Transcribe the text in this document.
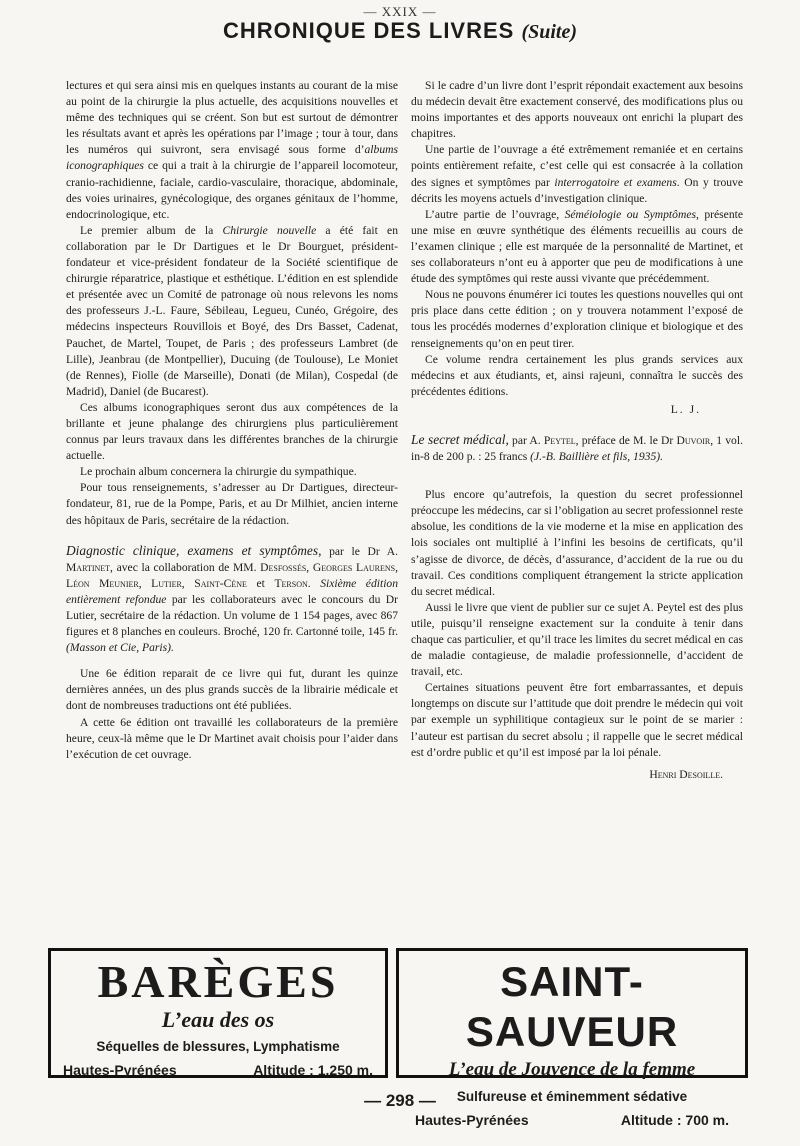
— XXIX —
CHRONIQUE DES LIVRES (Suite)

lectures et qui sera ainsi mis en quelques instants au courant de la mise au point de la chirurgie la plus actuelle, des acquisitions nouvelles et même des techniques qui se créent. Son but est surtout de démontrer les résultats avant et après les opérations par l’image ; tour à tour, dans les numéros qui suivront, sera envisagé sous forme d’albums iconographiques ce qui a trait à la chirurgie de l’appareil locomoteur, cranio-rachidienne, faciale, cardio-vasculaire, thoracique, abdominale, des voies urinaires, gynécologique, des organes génitaux de l’homme, endocrinologique, etc.

Le premier album de la Chirurgie nouvelle a été fait en collaboration par le Dr Dartigues et le Dr Bourguet, président-fondateur et vice-président fondateur de la Société scientifique de chirurgie réparatrice, plastique et esthétique. L’édition en est splendide et présentée avec un Comité de patronage où nous relevons les noms des professeurs J.-L. Faure, Sébileau, Legueu, Cunéo, Grégoire, des médecins inspecteurs Rouvillois et Boyé, des Drs Basset, Cadenat, Pauchet, de Martel, Toupet, de Paris ; des professeurs Lambret (de Lille), Jeanbrau (de Montpellier), Ducuing (de Toulouse), Le Moniet (de Rennes), Fiolle (de Marseille), Donati (de Milan), Cospedal (de Madrid), Daniel (de Bucarest).

Ces albums iconographiques seront dus aux compétences de la brillante et jeune phalange des chirurgiens plus particulièrement connus par leurs travaux dans les différentes branches de la chirurgie actuelle.

Le prochain album concernera la chirurgie du sympathique.

Pour tous renseignements, s’adresser au Dr Dartigues, directeur-fondateur, 81, rue de la Pompe, Paris, et au Dr Milhiet, ancien interne des hôpitaux de Paris, secrétaire de la rédaction.

Diagnostic clinique, examens et symptômes, par le Dr A. Martinet, avec la collaboration de MM. Desfossés, Georges Laurens, Léon Meunier, Lutier, Saint-Cène et Terson. Sixième édition entièrement refondue par les collaborateurs avec le concours du Dr Lutier, secrétaire de la rédaction. Un volume de 1 154 pages, avec 867 figures et 8 planches en couleurs. Broché, 120 fr. Cartonné toile, 145 fr. (Masson et Cie, Paris).

Une 6e édition reparait de ce livre qui fut, durant les quinze dernières années, un des plus grands succès de la librairie médicale et dont de nombreuses traductions ont été publiées.

A cette 6e édition ont travaillé les collaborateurs de la première heure, ceux-là même que le Dr Martinet avait choisis pour l’aider dans l’exécution de cet ouvrage.

Si le cadre d’un livre dont l’esprit répondait exactement aux besoins du médecin devait être exactement conservé, des modifications plus ou moins importantes et des apports nouveaux ont enrichi la plupart des chapitres.

Une partie de l’ouvrage a été extrêmement remaniée et en certains points entièrement refaite, c’est celle qui est consacrée à la collation des signes et symptômes par interrogatoire et examens. On y trouve décrits les moyens actuels d’investigation clinique.

L’autre partie de l’ouvrage, Séméiologie ou Symptômes, présente une mise en œuvre synthétique des éléments recueillis au cours de l’examen clinique ; elle est marquée de la personnalité de Martinet, et ses collaborateurs n’ont eu à apporter que peu de modifications à une étude des symptômes qui reste aussi vivante que précédemment.

Nous ne pouvons énumérer ici toutes les questions nouvelles qui ont pris place dans cette édition ; on y trouvera notamment l’exposé de tous les procédés modernes d’exploration clinique et biologique et des renseignements qu’on en peut tirer.

Ce volume rendra certainement les plus grands services aux médecins et aux étudiants, et, ainsi rajeuni, connaîtra le succès des précédentes éditions.

L. J.

Le secret médical, par A. Peytel, préface de M. le Dr Duvoir, 1 vol. in-8 de 200 p. : 25 francs (J.-B. Baillière et fils, 1935).

Plus encore qu’autrefois, la question du secret professionnel préoccupe les médecins, car si l’obligation au secret professionnel reste absolue, les conditions de la vie moderne et la mise en application des lois sociales ont multiplié à l’infini les besoins de certificats, qu’il s’agisse de divorce, de décès, d’assurance, d’accident de la rue ou du travail. Ces conditions compliquent étrangement la stricte application du secret médical.

Aussi le livre que vient de publier sur ce sujet A. Peytel est des plus utile, puisqu’il renseigne exactement sur la conduite à tenir dans chaque cas particulier, et qu’il trace les limites du secret médical en cas de maladie contagieuse, de maladie professionnelle, d’accident de travail, etc.

Certaines situations peuvent être fort embarrassantes, et depuis longtemps on discute sur l’attitude que doit prendre le médecin qui voit par exemple un syphilitique contagieux sur le point de se marier : l’auteur est partisan du secret absolu ; il rappelle que le secret médical est d’ordre public et qu’il est imposé par la loi pénale.

Henri Desoille.
BARÈGES
L’eau des os
Séquelles de blessures, Lymphatisme
Hautes-Pyrénées	Altitude : 1.250 m.
SAINT-SAUVEUR
L’eau de Jouvence de la femme
Sulfureuse et éminemment sédative
Hautes-Pyrénées	Altitude : 700 m.
— 298 —
